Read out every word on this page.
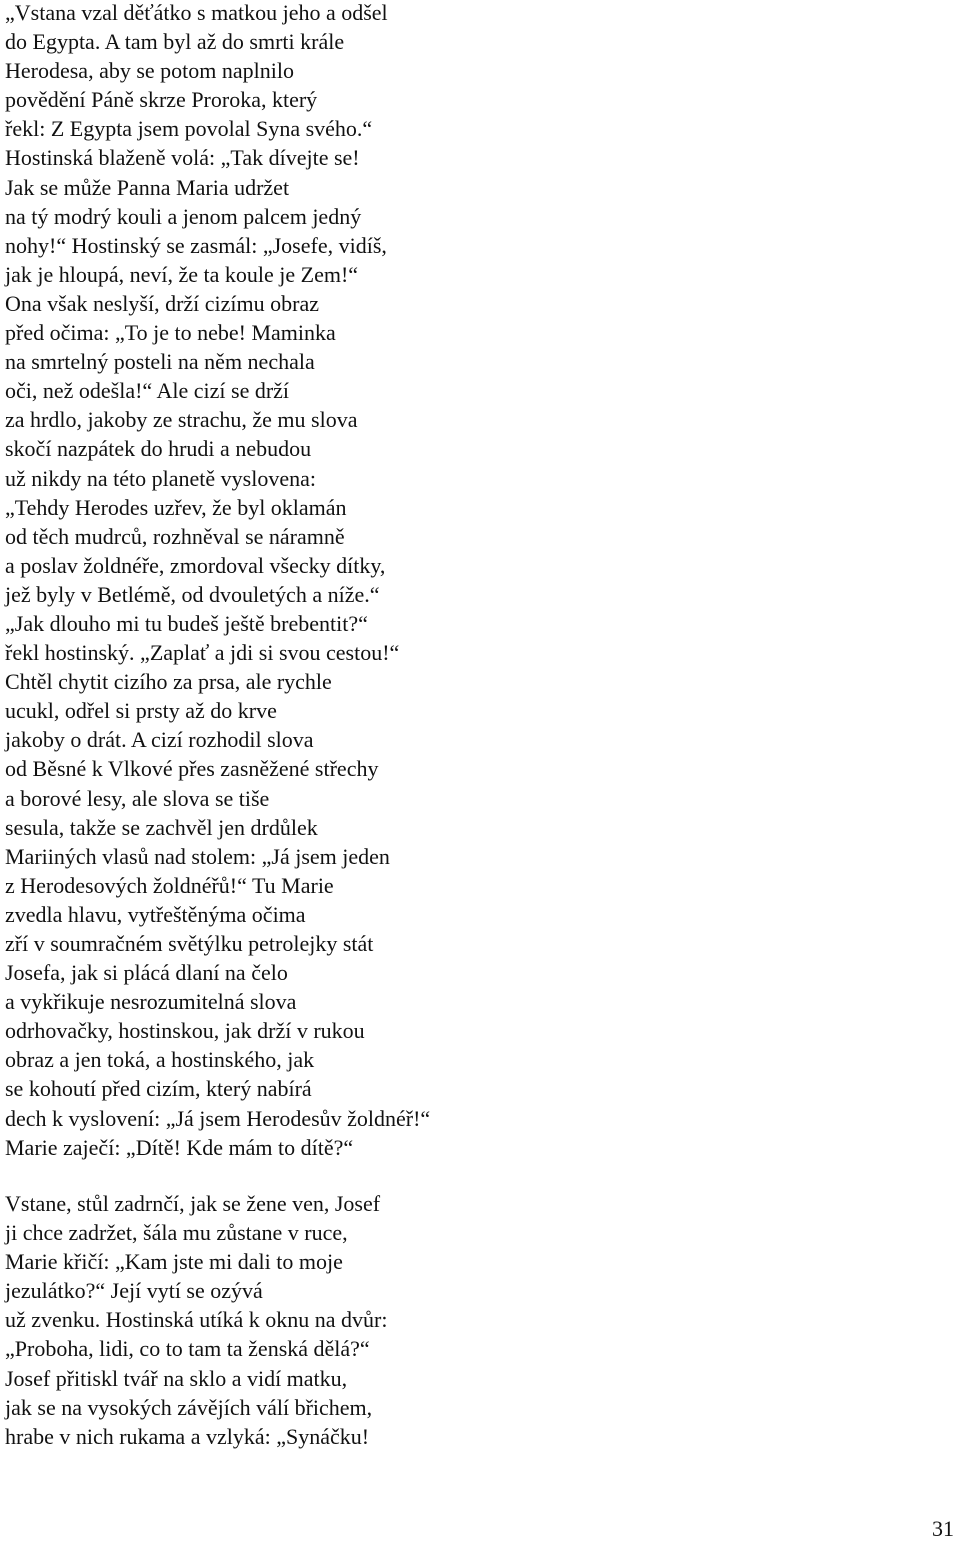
„Vstana vzal děťátko s matkou jeho a odšel
do Egypta. A tam byl až do smrti krále
Herodesa, aby se potom naplnilo
povědění Páně skrze Proroka, který
řekl: Z Egypta jsem povolal Syna svého.“
Hostinská blaženě volá: „Tak dívejte se!
Jak se může Panna Maria udržet
na tý modrý kouli a jenom palcem jedný
nohy!“ Hostinský se zasmál: „Josefe, vidíš,
jak je hloupá, neví, že ta koule je Zem!“
Ona však neslyší, drží cizímu obraz
před očima: „To je to nebe! Maminka
na smrtelný posteli na něm nechala
oči, než odešla!“ Ale cizí se drží
za hrdlo, jakoby ze strachu, že mu slova
skočí nazpátek do hrudi a nebudou
už nikdy na této planetě vyslovena:
„Tehdy Herodes uzřev, že byl oklamán
od těch mudrců, rozhněval se náramně
a poslav žoldnéře, zmordoval všecky dítky,
jež byly v Betlémě, od dvouletých a níže.“
„Jak dlouho mi tu budeš ještě brebentit?“
řekl hostinský. „Zaplať a jdi si svou cestou!“
Chtěl chytit cizího za prsa, ale rychle
ucukl, odřel si prsty až do krve
jakoby o drát. A cizí rozhodil slova
od Běsné k Vlkové přes zasněžené střechy
a borové lesy, ale slova se tiše
sesula, takže se zachvěl jen drdůlek
Mariiných vlasů nad stolem: „Já jsem jeden
z Herodesových žoldnéřů!“ Tu Marie
zvedla hlavu, vytřeštěnýma očima
zří v soumračném světýlku petrolejky stát
Josefa, jak si plácá dlaní na čelo
a vykřikuje nesrozumitelná slova
odrhovačky, hostinskou, jak drží v rukou
obraz a jen toká, a hostinského, jak
se kohoutí před cizím, který nabírá
dech k vyslovení: „Já jsem Herodesův žoldnéř!“
Marie zaječí: „Dítě! Kde mám to dítě?“
Vstane, stůl zadrnčí, jak se žene ven, Josef
ji chce zadržet, šála mu zůstane v ruce,
Marie křičí: „Kam jste mi dali to moje
jezulátko?“ Její vytí se ozývá
už zvenku. Hostinská utíká k oknu na dvůr:
„Proboha, lidi, co to tam ta ženská dělá?“
Josef přitiskl tvář na sklo a vidí matku,
jak se na vysokých závějích válí břichem,
hrabe v nich rukama a vzlyká: „Synáčku!
31
